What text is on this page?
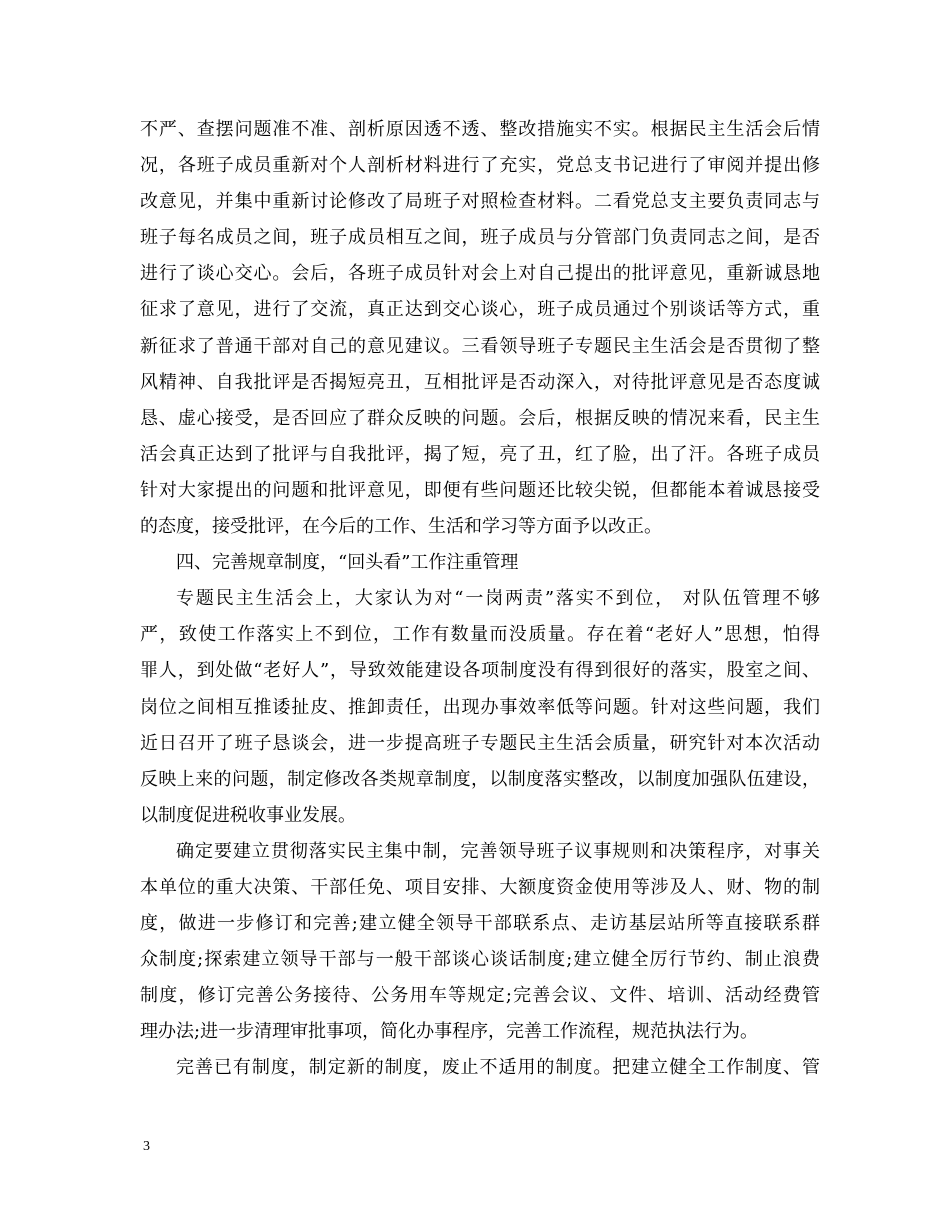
不严、查摆问题准不准、剖析原因透不透、整改措施实不实。根据民主生活会后情
况，各班子成员重新对个人剖析材料进行了充实，党总支书记进行了审阅并提出修
改意见，并集中重新讨论修改了局班子对照检查材料。二看党总支主要负责同志与
班子每名成员之间，班子成员相互之间，班子成员与分管部门负责同志之间，是否
进行了谈心交心。会后，各班子成员针对会上对自己提出的批评意见，重新诚恳地
征求了意见，进行了交流，真正达到交心谈心，班子成员通过个别谈话等方式，重
新征求了普通干部对自己的意见建议。三看领导班子专题民主生活会是否贯彻了整
风精神、自我批评是否揭短亮丑，互相批评是否动深入，对待批评意见是否态度诚
恳、虚心接受，是否回应了群众反映的问题。会后，根据反映的情况来看，民主生
活会真正达到了批评与自我批评，揭了短，亮了丑，红了脸，出了汗。各班子成员
针对大家提出的问题和批评意见，即便有些问题还比较尖锐，但都能本着诚恳接受
的态度，接受批评，在今后的工作、生活和学习等方面予以改正。
四、完善规章制度，“回头看”工作注重管理
专题民主生活会上，大家认为对“一岗两责”落实不到位， 对队伍管理不够
严，致使工作落实上不到位，工作有数量而没质量。存在着“老好人”思想，怕得
罪人，到处做“老好人”，导致效能建设各项制度没有得到很好的落实，股室之间、
岗位之间相互推诿扯皮、推卸责任，出现办事效率低等问题。针对这些问题，我们
近日召开了班子恳谈会，进一步提高班子专题民主生活会质量，研究针对本次活动
反映上来的问题，制定修改各类规章制度，以制度落实整改，以制度加强队伍建设，
以制度促进税收事业发展。
确定要建立贯彻落实民主集中制，完善领导班子议事规则和决策程序，对事关
本单位的重大决策、干部任免、项目安排、大额度资金使用等涉及人、财、物的制
度，做进一步修订和完善;建立健全领导干部联系点、走访基层站所等直接联系群
众制度;探索建立领导干部与一般干部谈心谈话制度;建立健全厉行节约、制止浪费
制度，修订完善公务接待、公务用车等规定;完善会议、文件、培训、活动经费管
理办法;进一步清理审批事项，简化办事程序，完善工作流程，规范执法行为。
完善已有制度，制定新的制度，废止不适用的制度。把建立健全工作制度、管
3
